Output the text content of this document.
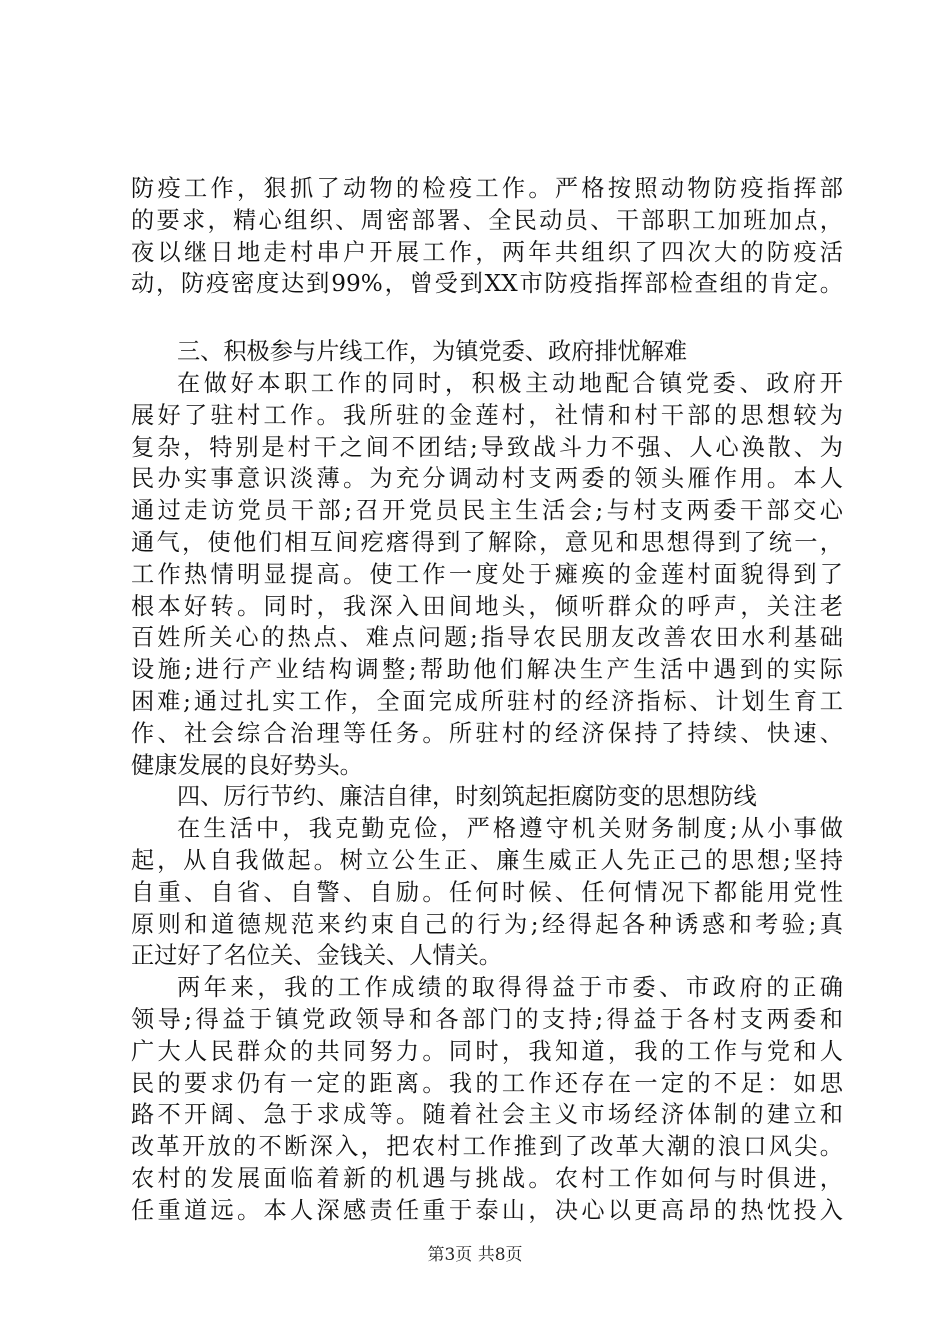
防疫工作，狠抓了动物的检疫工作。严格按照动物防疫指挥部
的要求，精心组织、周密部署、全民动员、干部职工加班加点，
夜以继日地走村串户开展工作，两年共组织了四次大的防疫活
动，防疫密度达到99%，曾受到XX市防疫指挥部检查组的肯定。
三、积极参与片线工作，为镇党委、政府排忧解难
在做好本职工作的同时，积极主动地配合镇党委、政府开
展好了驻村工作。我所驻的金莲村，社情和村干部的思想较为
复杂，特别是村干之间不团结;导致战斗力不强、人心涣散、为
民办实事意识淡薄。为充分调动村支两委的领头雁作用。本人
通过走访党员干部;召开党员民主生活会;与村支两委干部交心
通气，使他们相互间疙瘩得到了解除，意见和思想得到了统一，
工作热情明显提高。使工作一度处于瘫痪的金莲村面貌得到了
根本好转。同时，我深入田间地头，倾听群众的呼声，关注老
百姓所关心的热点、难点问题;指导农民朋友改善农田水利基础
设施;进行产业结构调整;帮助他们解决生产生活中遇到的实际
困难;通过扎实工作，全面完成所驻村的经济指标、计划生育工
作、社会综合治理等任务。所驻村的经济保持了持续、快速、
健康发展的良好势头。
四、厉行节约、廉洁自律，时刻筑起拒腐防变的思想防线
在生活中，我克勤克俭，严格遵守机关财务制度;从小事做
起，从自我做起。树立公生正、廉生威正人先正己的思想;坚持
自重、自省、自警、自励。任何时候、任何情况下都能用党性
原则和道德规范来约束自己的行为;经得起各种诱惑和考验;真
正过好了名位关、金钱关、人情关。
两年来，我的工作成绩的取得得益于市委、市政府的正确
领导;得益于镇党政领导和各部门的支持;得益于各村支两委和
广大人民群众的共同努力。同时，我知道，我的工作与党和人
民的要求仍有一定的距离。我的工作还存在一定的不足：如思
路不开阔、急于求成等。随着社会主义市场经济体制的建立和
改革开放的不断深入，把农村工作推到了改革大潮的浪口风尖。
农村的发展面临着新的机遇与挑战。农村工作如何与时俱进，
任重道远。本人深感责任重于泰山，决心以更高昂的热忱投入
第3页 共8页
